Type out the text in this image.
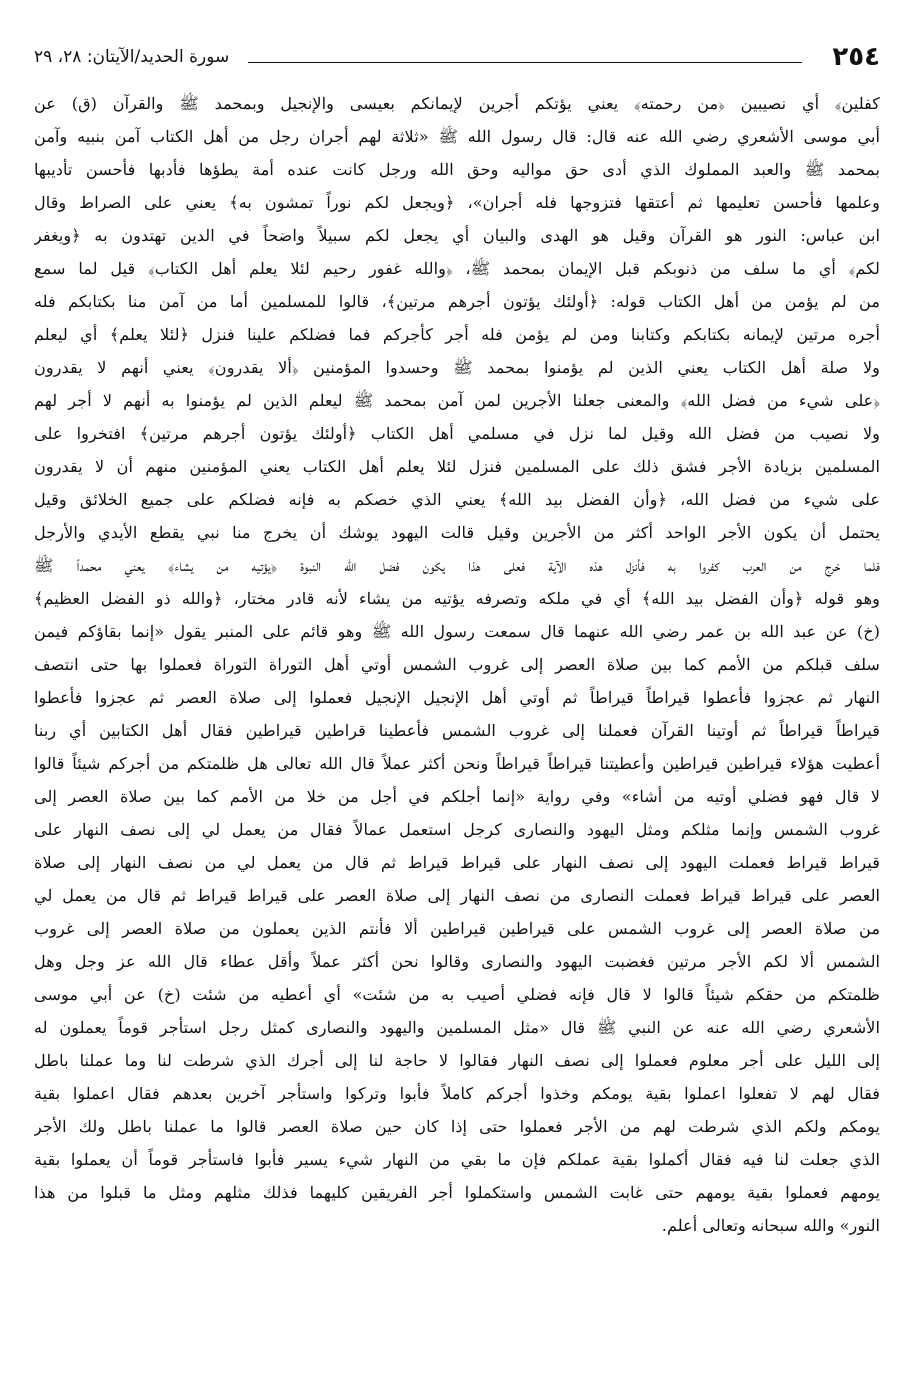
٢٥٤
سورة الحديد/الآيتان: ٢٨، ٢٩
كفلين﴾ أي نصيبين ﴿من رحمته﴾ يعني يؤتكم أجرين لإيمانكم بعيسى والإنجيل وبمحمد ﷺ والقرآن (ق) عن
أبي موسى الأشعري رضي الله عنه قال: قال رسول الله ﷺ «ثلاثة لهم أجران رجل من أهل الكتاب آمن بنبيه وآمن
بمحمد ﷺ والعبد المملوك الذي أدى حق مواليه وحق الله ورجل كانت عنده أمة يطؤها فأدبها فأحسن تأديبها
وعلمها فأحسن تعليمها ثم أعتقها فتزوجها فله أجران»، ﴿ويجعل لكم نوراً تمشون به﴾ يعني على الصراط وقال
ابن عباس: النور هو القرآن وقيل هو الهدى والبيان أي يجعل لكم سبيلاً واضحاً في الدين تهتدون به ﴿ويغفر
لكم﴾ أي ما سلف من ذنوبكم قبل الإيمان بمحمد ﷺ، ﴿والله غفور رحيم لئلا يعلم أهل الكتاب﴾ قيل لما سمع
من لم يؤمن من أهل الكتاب قوله: ﴿أولئك يؤتون أجرهم مرتين﴾، قالوا للمسلمين أما من آمن منا بكتابكم فله
أجره مرتين لإيمانه بكتابكم وكتابنا ومن لم يؤمن فله أجر كأجركم فما فضلكم علينا فنزل ﴿لئلا يعلم﴾ أي ليعلم
ولا صلة أهل الكتاب يعني الذين لم يؤمنوا بمحمد ﷺ وحسدوا المؤمنين ﴿ألا يقدرون﴾ يعني أنهم لا يقدرون
﴿على شيء من فضل الله﴾ والمعنى جعلنا الأجرين لمن آمن بمحمد ﷺ ليعلم الذين لم يؤمنوا به أنهم لا أجر لهم
ولا نصيب من فضل الله وقيل لما نزل في مسلمي أهل الكتاب ﴿أولئك يؤتون أجرهم مرتين﴾ افتخروا على
المسلمين بزيادة الأجر فشق ذلك على المسلمين فنزل لئلا يعلم أهل الكتاب يعني المؤمنين منهم أن لا يقدرون
على شيء من فضل الله، ﴿وأن الفضل بيد الله﴾ يعني الذي خصكم به فإنه فضلكم على جميع الخلائق وقيل
يحتمل أن يكون الأجر الواحد أكثر من الأجرين وقيل قالت اليهود يوشك أن يخرج منا نبي يقطع الأيدي والأرجل
فلما خرج من العرب كفروا به فأنزل هذه الآية فعلى هذا يكون فضل الله النبوة ﴿يؤتيه من يشاء﴾ يعني محمداً ﷺ
وهو قوله ﴿وأن الفضل بيد الله﴾ أي في ملكه وتصرفه يؤتيه من يشاء لأنه قادر مختار، ﴿والله ذو الفضل العظيم﴾
(خ) عن عبد الله بن عمر رضي الله عنهما قال سمعت رسول الله ﷺ وهو قائم على المنبر يقول «إنما بقاؤكم فيمن
سلف قبلكم من الأمم كما بين صلاة العصر إلى غروب الشمس أوتي أهل التوراة التوراة فعملوا بها حتى انتصف
النهار ثم عجزوا فأعطوا قيراطاً قيراطاً ثم أوتي أهل الإنجيل الإنجيل فعملوا إلى صلاة العصر ثم عجزوا فأعطوا
قيراطاً قيراطاً ثم أوتينا القرآن فعملنا إلى غروب الشمس فأعطينا قراطين قيراطين فقال أهل الكتابين أي ربنا
أعطيت هؤلاء قيراطين قيراطين وأعطيتنا قيراطاً قيراطاً ونحن أكثر عملاً قال الله تعالى هل ظلمتكم من أجركم شيئاً قالوا
لا قال فهو فضلي أوتيه من أشاء» وفي رواية «إنما أجلكم في أجل من خلا من الأمم كما بين صلاة العصر إلى
غروب الشمس وإنما مثلكم ومثل اليهود والنصارى كرجل استعمل عمالاً فقال من يعمل لي إلى نصف النهار على
قيراط قيراط فعملت اليهود إلى نصف النهار على قيراط قيراط ثم قال من يعمل لي من نصف النهار إلى صلاة
العصر على قيراط قيراط فعملت النصارى من نصف النهار إلى صلاة العصر على قيراط قيراط ثم قال من يعمل لي
من صلاة العصر إلى غروب الشمس على قيراطين قيراطين ألا فأنتم الذين يعملون من صلاة العصر إلى غروب
الشمس ألا لكم الأجر مرتين فغضبت اليهود والنصارى وقالوا نحن أكثر عملاً وأقل عطاء قال الله عز وجل وهل
ظلمتكم من حقكم شيئاً قالوا لا قال فإنه فضلي أصيب به من شئت» أي أعطيه من شئت (خ) عن أبي موسى
الأشعري رضي الله عنه عن النبي ﷺ قال «مثل المسلمين واليهود والنصارى كمثل رجل استأجر قوماً يعملون له
إلى الليل على أجر معلوم فعملوا إلى نصف النهار فقالوا لا حاجة لنا إلى أجرك الذي شرطت لنا وما عملنا باطل
فقال لهم لا تفعلوا اعملوا بقية يومكم وخذوا أجركم كاملاً فأبوا وتركوا واستأجر آخرين بعدهم فقال اعملوا بقية
يومكم ولكم الذي شرطت لهم من الأجر فعملوا حتى إذا كان حين صلاة العصر قالوا ما عملنا باطل ولك الأجر
الذي جعلت لنا فيه فقال أكملوا بقية عملكم فإن ما بقي من النهار شيء يسير فأبوا فاستأجر قوماً أن يعملوا بقية
يومهم فعملوا بقية يومهم حتى غابت الشمس واستكملوا أجر الفريقين كليهما فذلك مثلهم ومثل ما قبلوا من هذا
النور» والله سبحانه وتعالى أعلم.
